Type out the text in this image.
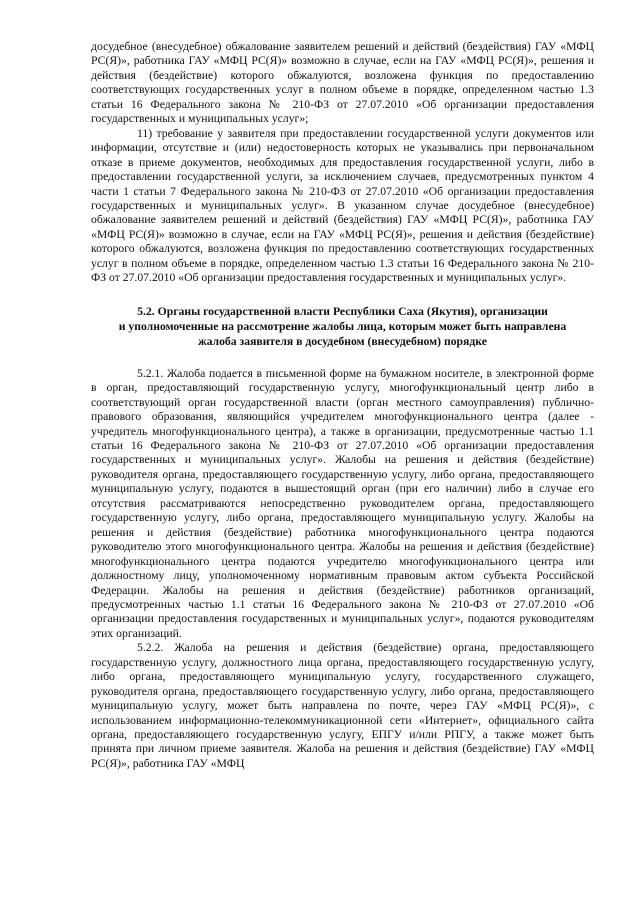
досудебное (внесудебное) обжалование заявителем решений и действий (бездействия) ГАУ «МФЦ РС(Я)», работника ГАУ «МФЦ РС(Я)» возможно в случае, если на ГАУ «МФЦ РС(Я)», решения и действия (бездействие) которого обжалуются, возложена функция по предоставлению соответствующих государственных услуг в полном объеме в порядке, определенном частью 1.3 статьи 16 Федерального закона № 210-ФЗ от 27.07.2010 «Об организации предоставления государственных и муниципальных услуг»;

11) требование у заявителя при предоставлении государственной услуги документов или информации, отсутствие и (или) недостоверность которых не указывались при первоначальном отказе в приеме документов, необходимых для предоставления государственной услуги, либо в предоставлении государственной услуги, за исключением случаев, предусмотренных пунктом 4 части 1 статьи 7 Федерального закона № 210-ФЗ от 27.07.2010 «Об организации предоставления государственных и муниципальных услуг». В указанном случае досудебное (внесудебное) обжалование заявителем решений и действий (бездействия) ГАУ «МФЦ РС(Я)», работника ГАУ «МФЦ РС(Я)» возможно в случае, если на ГАУ «МФЦ РС(Я)», решения и действия (бездействие) которого обжалуются, возложена функция по предоставлению соответствующих государственных услуг в полном объеме в порядке, определенном частью 1.3 статьи 16 Федерального закона № 210-ФЗ от 27.07.2010 «Об организации предоставления государственных и муниципальных услуг».

5.2. Органы государственной власти Республики Саха (Якутия), организации
и уполномоченные на рассмотрение жалобы лица, которым может быть направлена
жалоба заявителя в досудебном (внесудебном) порядке

5.2.1. Жалоба подается в письменной форме на бумажном носителе, в электронной форме в орган, предоставляющий государственную услугу, многофункциональный центр либо в соответствующий орган государственной власти (орган местного самоуправления) публично-правового образования, являющийся учредителем многофункционального центра (далее - учредитель многофункционального центра), а также в организации, предусмотренные частью 1.1 статьи 16 Федерального закона № 210-ФЗ от 27.07.2010 «Об организации предоставления государственных и муниципальных услуг». Жалобы на решения и действия (бездействие) руководителя органа, предоставляющего государственную услугу, либо органа, предоставляющего муниципальную услугу, подаются в вышестоящий орган (при его наличии) либо в случае его отсутствия рассматриваются непосредственно руководителем органа, предоставляющего государственную услугу, либо органа, предоставляющего муниципальную услугу. Жалобы на решения и действия (бездействие) работника многофункционального центра подаются руководителю этого многофункционального центра. Жалобы на решения и действия (бездействие) многофункционального центра подаются учредителю многофункционального центра или должностному лицу, уполномоченному нормативным правовым актом субъекта Российской Федерации. Жалобы на решения и действия (бездействие) работников организаций, предусмотренных частью 1.1 статьи 16 Федерального закона № 210-ФЗ от 27.07.2010 «Об организации предоставления государственных и муниципальных услуг», подаются руководителям этих организаций.

5.2.2. Жалоба на решения и действия (бездействие) органа, предоставляющего государственную услугу, должностного лица органа, предоставляющего государственную услугу, либо органа, предоставляющего муниципальную услугу, государственного служащего, руководителя органа, предоставляющего государственную услугу, либо органа, предоставляющего муниципальную услугу, может быть направлена по почте, через ГАУ «МФЦ РС(Я)», с использованием информационно-телекоммуникационной сети «Интернет», официального сайта органа, предоставляющего государственную услугу, ЕПГУ и/или РПГУ, а также может быть принята при личном приеме заявителя. Жалоба на решения и действия (бездействие) ГАУ «МФЦ РС(Я)», работника ГАУ «МФЦ
